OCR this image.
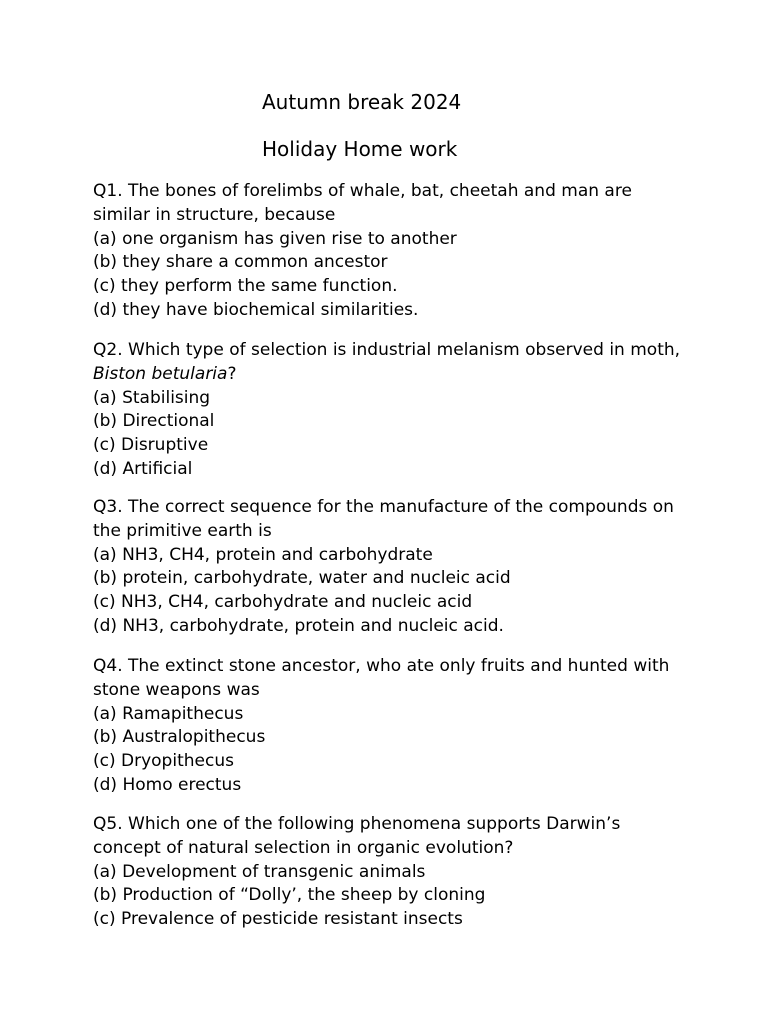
Autumn break 2024
Holiday Home work
Q1. The bones of forelimbs of whale, bat, cheetah and man are
similar in structure, because
(a) one organism has given rise to another
(b) they share a common ancestor
(c) they perform the same function.
(d) they have biochemical similarities.
Q2. Which type of selection is industrial melanism observed in moth,
Biston betularia?
(a) Stabilising
(b) Directional
(c) Disruptive
(d) Artificial
Q3. The correct sequence for the manufacture of the compounds on
the primitive earth is
(a) NH3, CH4, protein and carbohydrate
(b) protein, carbohydrate, water and nucleic acid
(c) NH3, CH4, carbohydrate and nucleic acid
(d) NH3, carbohydrate, protein and nucleic acid.
Q4. The extinct stone ancestor, who ate only fruits and hunted with
stone weapons was
(a) Ramapithecus
(b) Australopithecus
(c) Dryopithecus
(d) Homo erectus
Q5. Which one of the following phenomena supports Darwin’s
concept of natural selection in organic evolution?
(a) Development of transgenic animals
(b) Production of “Dolly’, the sheep by cloning
(c) Prevalence of pesticide resistant insects
